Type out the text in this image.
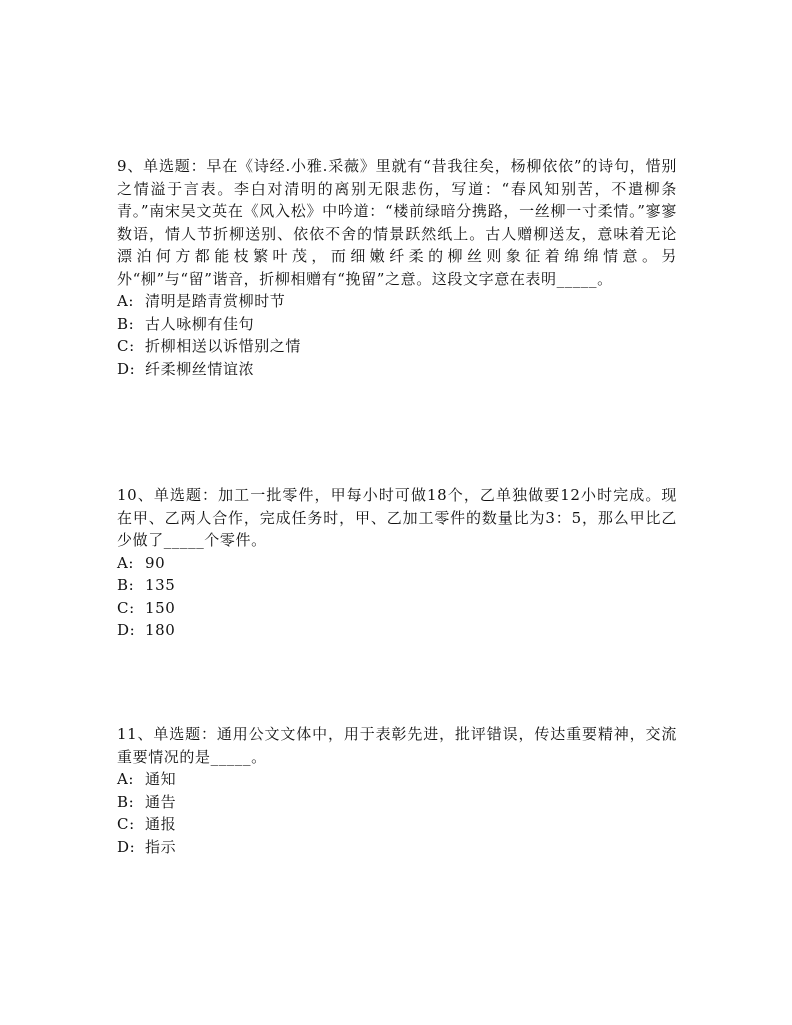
9、单选题：早在《诗经.小雅.采薇》里就有“昔我往矣，杨柳依依”的诗句，惜别之情溢于言表。李白对清明的离别无限悲伤，写道：“春风知别苦，不遣柳条青。”南宋吴文英在《风入松》中吟道：“楼前绿暗分携路，一丝柳一寸柔情。”寥寥数语，情人节折柳送别、依依不舍的情景跃然纸上。古人赠柳送友，意味着无论漂泊何方都能枝繁叶茂，而细嫩纤柔的柳丝则象征着绵绵情意。另外“柳”与“留”谐音，折柳相赠有“挽留”之意。这段文字意在表明_____。

A: 清明是踏青赏柳时节

B: 古人咏柳有佳句

C: 折柳相送以诉惜别之情

D: 纤柔柳丝情谊浓

10、单选题：加工一批零件，甲每小时可做18个，乙单独做要12小时完成。现在甲、乙两人合作，完成任务时，甲、乙加工零件的数量比为3：5，那么甲比乙少做了_____个零件。

A: 90

B: 135

C: 150

D: 180

11、单选题：通用公文文体中，用于表彰先进，批评错误，传达重要精神，交流重要情况的是_____。

A: 通知

B: 通告

C: 通报

D: 指示
